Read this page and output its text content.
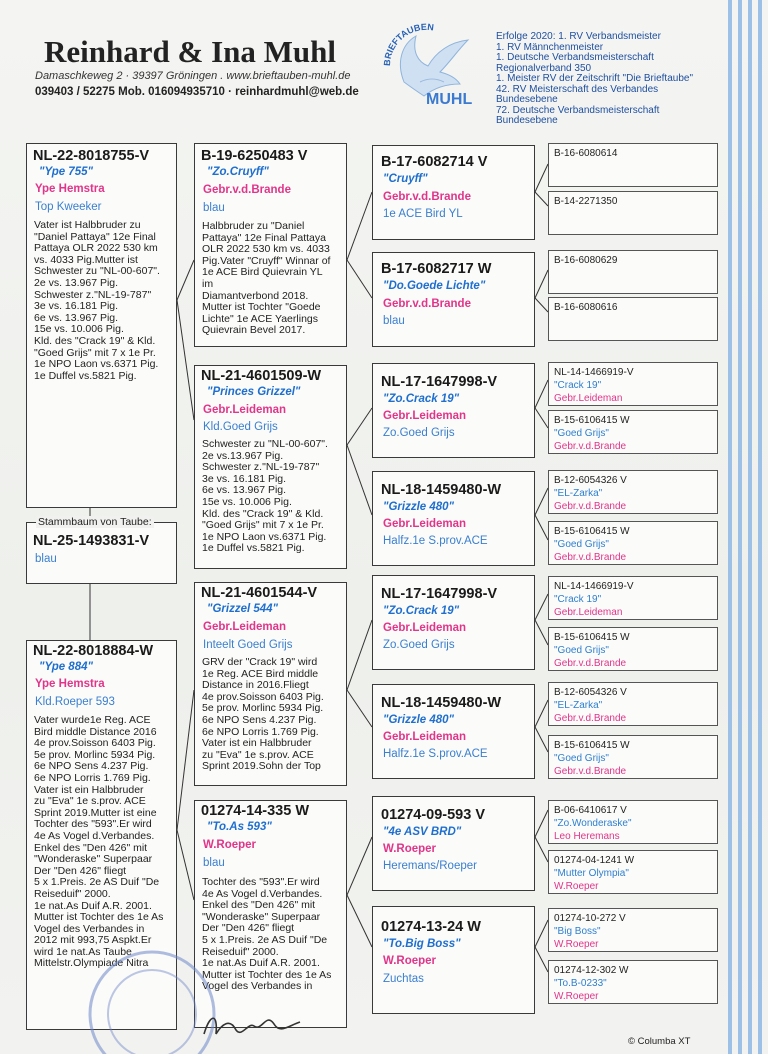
Reinhard & Ina Muhl
Damaschkeweg 2 · 39397 Gröningen . www.brieftauben-muhl.de
039403 / 52275 Mob. 016094935710 · reinhardmuhl@web.de
BRIEFTAUBEN
MUHL
Erfolge 2020: 1. RV Verbandsmeister
1. RV Männchenmeister
1. Deutsche Verbandsmeisterschaft
Regionalverband 350
1. Meister RV der Zeitschrift "Die Brieftaube"
42. RV Meisterschaft des Verbandes
Bundesebene
72. Deutsche Verbandsmeisterschaft
Bundesebene
NL-22-8018755-V
"Ype 755"
Ype Hemstra
Top Kweeker
Vater ist Halbbruder zu
"Daniel Pattaya" 12e Final
Pattaya OLR 2022 530 km
vs. 4033 Pig.Mutter ist
Schwester zu "NL-00-607".
2e vs. 13.967 Pig.
Schwester z."NL-19-787"
3e vs. 16.181 Pig.
6e vs. 13.967 Pig.
15e vs. 10.006 Pig.
Kld. des "Crack 19" & Kld.
"Goed Grijs" mit 7 x 1e Pr.
1e NPO Laon vs.6371 Pig.
1e Duffel vs.5821 Pig.
Stammbaum von Taube:
NL-25-1493831-V
blau
NL-22-8018884-W
"Ype 884"
Ype Hemstra
Kld.Roeper 593
Vater wurde1e Reg. ACE
Bird middle Distance 2016
4e prov.Soisson 6403 Pig.
5e prov. Morlinc 5934 Pig.
6e NPO Sens 4.237 Pig.
6e NPO Lorris 1.769 Pig.
Vater ist ein Halbbruder
zu "Eva" 1e s.prov. ACE
Sprint 2019.Mutter ist eine
Tochter des "593".Er wird
4e As Vogel d.Verbandes.
Enkel des "Den 426" mit
"Wonderaske" Superpaar
Der "Den 426" fliegt
5 x 1.Preis. 2e AS Duif "De
Reiseduif" 2000.
1e nat.As Duif A.R. 2001.
Mutter ist Tochter des 1e As
Vogel des Verbandes in
2012 mit 993,75 Aspkt.Er
wird 1e nat.As Taube
Mittelstr.Olympiade Nitra
B-19-6250483 V
"Zo.Cruyff"
Gebr.v.d.Brande
blau
Halbbruder zu "Daniel
Pattaya" 12e Final Pattaya
OLR 2022 530 km vs. 4033
Pig.Vater "Cruyff" Winnar of
1e ACE Bird Quievrain YL
im
Diamantverbond 2018.
Mutter ist Tochter "Goede
Lichte" 1e ACE Yaerlings
Quievrain Bevel 2017.
NL-21-4601509-W
"Princes Grizzel"
Gebr.Leideman
Kld.Goed Grijs
Schwester zu "NL-00-607".
2e vs.13.967 Pig.
Schwester z."NL-19-787"
3e vs. 16.181 Pig.
6e vs. 13.967 Pig.
15e vs. 10.006 Pig.
Kld. des "Crack 19" & Kld.
"Goed Grijs" mit 7 x 1e Pr.
1e NPO Laon vs.6371 Pig.
1e Duffel vs.5821 Pig.
NL-21-4601544-V
"Grizzel 544"
Gebr.Leideman
Inteelt Goed Grijs
GRV der "Crack 19" wird
1e Reg. ACE Bird middle
Distance in 2016.Fliegt
4e prov.Soisson 6403 Pig.
5e prov. Morlinc 5934 Pig.
6e NPO Sens 4.237 Pig.
6e NPO Lorris 1.769 Pig.
Vater ist ein Halbbruder
zu "Eva" 1e s.prov. ACE
Sprint 2019.Sohn der Top
01274-14-335 W
"To.As 593"
W.Roeper
blau
Tochter des "593".Er wird
4e As Vogel d.Verbandes.
Enkel des "Den 426" mit
"Wonderaske" Superpaar
Der "Den 426" fliegt
5 x 1.Preis. 2e AS Duif "De
Reiseduif" 2000.
1e nat.As Duif A.R. 2001.
Mutter ist Tochter des 1e As
Vogel des Verbandes in
B-17-6082714 V
"Cruyff"
Gebr.v.d.Brande
1e ACE Bird YL
B-17-6082717 W
"Do.Goede Lichte"
Gebr.v.d.Brande
blau
NL-17-1647998-V
"Zo.Crack 19"
Gebr.Leideman
Zo.Goed Grijs
NL-18-1459480-W
"Grizzle 480"
Gebr.Leideman
Halfz.1e S.prov.ACE
NL-17-1647998-V
"Zo.Crack 19"
Gebr.Leideman
Zo.Goed Grijs
NL-18-1459480-W
"Grizzle 480"
Gebr.Leideman
Halfz.1e S.prov.ACE
01274-09-593 V
"4e ASV BRD"
W.Roeper
Heremans/Roeper
01274-13-24 W
"To.Big Boss"
W.Roeper
Zuchtas
B-16-6080614
B-14-2271350
B-16-6080629
B-16-6080616
NL-14-1466919-V
"Crack 19"
Gebr.Leideman
B-15-6106415 W
"Goed Grijs"
Gebr.v.d.Brande
B-12-6054326 V
"EL-Zarka"
Gebr.v.d.Brande
B-15-6106415 W
"Goed Grijs"
Gebr.v.d.Brande
NL-14-1466919-V
"Crack 19"
Gebr.Leideman
B-15-6106415 W
"Goed Grijs"
Gebr.v.d.Brande
B-12-6054326 V
"EL-Zarka"
Gebr.v.d.Brande
B-15-6106415 W
"Goed Grijs"
Gebr.v.d.Brande
B-06-6410617 V
"Zo.Wonderaske"
Leo Heremans
01274-04-1241 W
"Mutter Olympia"
W.Roeper
01274-10-272 V
"Big Boss"
W.Roeper
01274-12-302 W
"To.B-0233"
W.Roeper
© Columba XT
